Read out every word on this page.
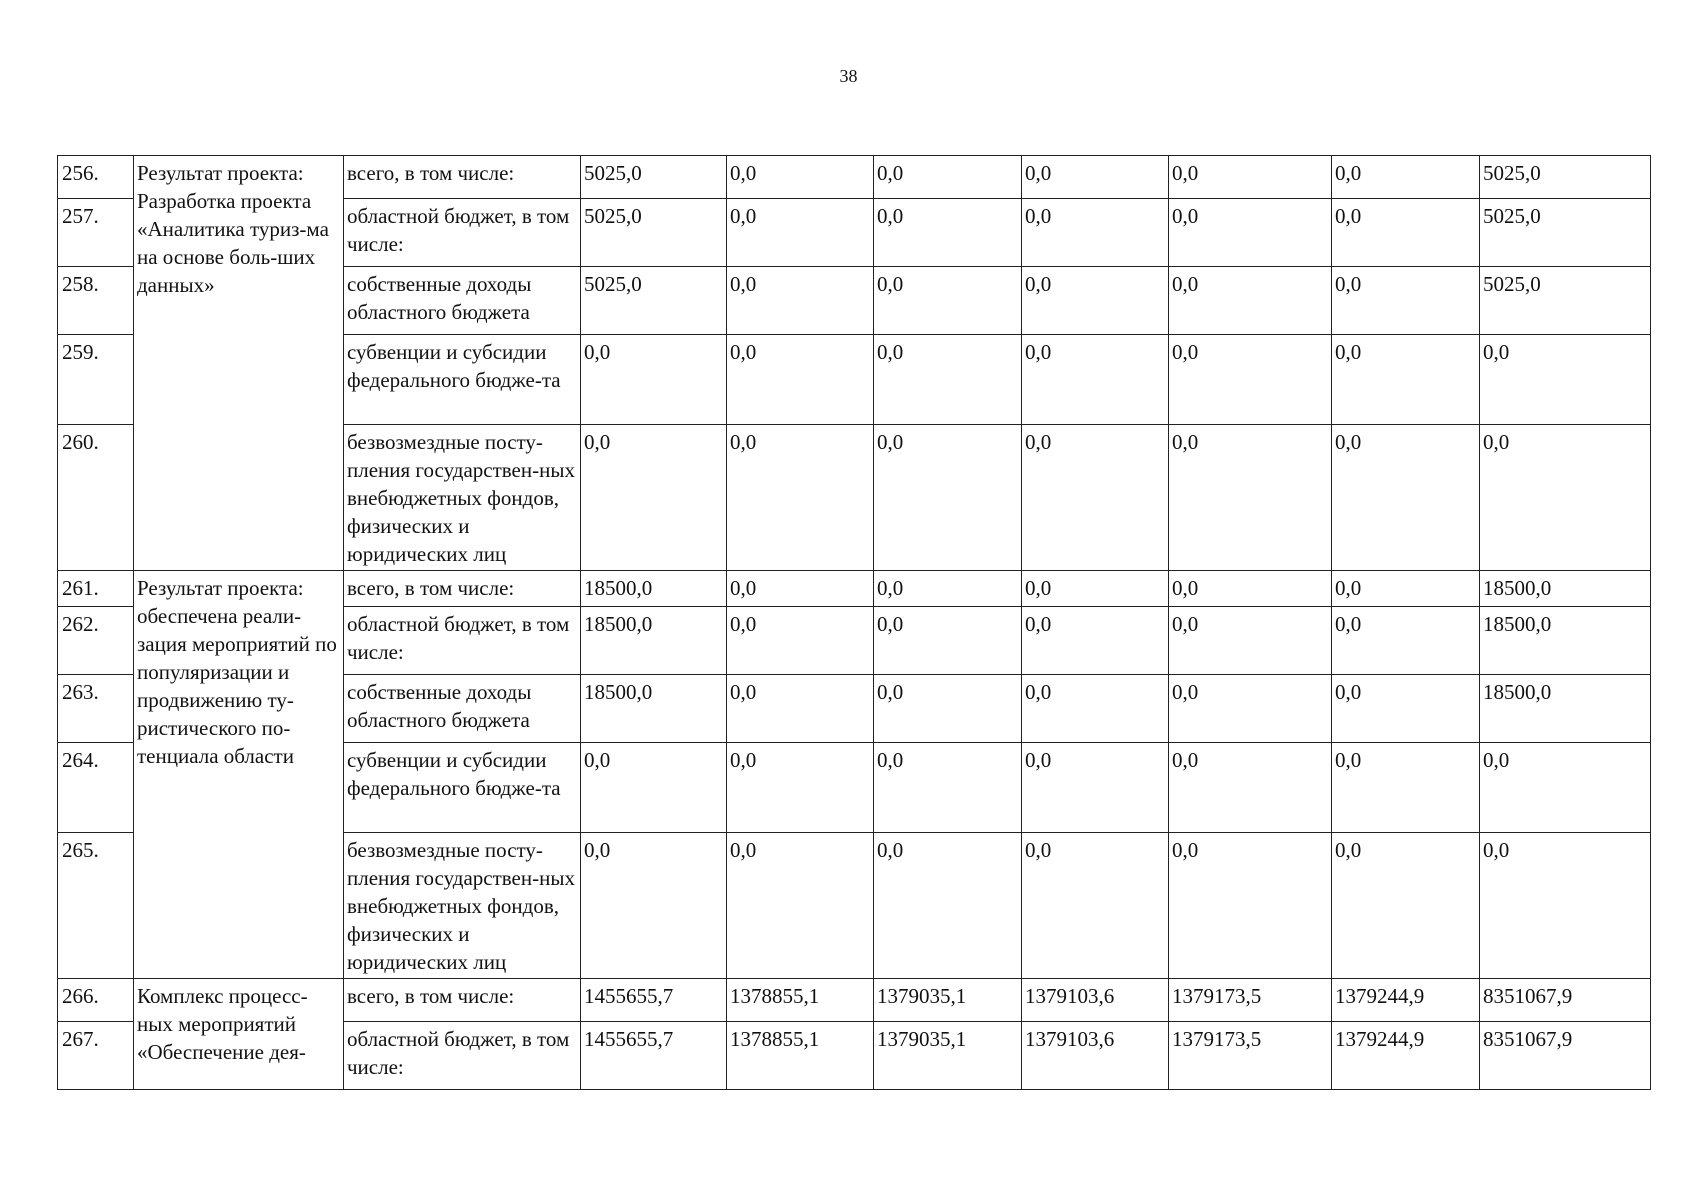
38
256.	Результат проекта: Разработка проекта «Аналитика туриз-ма на основе боль-ших данных»	всего, в том числе:	5025,0	0,0	0,0	0,0	0,0	0,0	5025,0
257.		областной бюджет, в том числе:	5025,0	0,0	0,0	0,0	0,0	0,0	5025,0
258.		собственные доходы областного бюджета	5025,0	0,0	0,0	0,0	0,0	0,0	5025,0
259.		субвенции и субсидии федерального бюдже-та	0,0	0,0	0,0	0,0	0,0	0,0	0,0
260.		безвозмездные посту-пления государствен-ных внебюджетных фондов, физических и юридических лиц	0,0	0,0	0,0	0,0	0,0	0,0	0,0
261.	Результат проекта: обеспечена реали-зация мероприятий по популяризации и продвижению ту-ристического по-тенциала области	всего, в том числе:	18500,0	0,0	0,0	0,0	0,0	0,0	18500,0
262.		областной бюджет, в том числе:	18500,0	0,0	0,0	0,0	0,0	0,0	18500,0
263.		собственные доходы областного бюджета	18500,0	0,0	0,0	0,0	0,0	0,0	18500,0
264.		субвенции и субсидии федерального бюдже-та	0,0	0,0	0,0	0,0	0,0	0,0	0,0
265.		безвозмездные посту-пления государствен-ных внебюджетных фондов, физических и юридических лиц	0,0	0,0	0,0	0,0	0,0	0,0	0,0
266.	Комплекс процесс-ных мероприятий «Обеспечение дея-	всего, в том числе:	1455655,7	1378855,1	1379035,1	1379103,6	1379173,5	1379244,9	8351067,9
267.		областной бюджет, в том числе:	1455655,7	1378855,1	1379035,1	1379103,6	1379173,5	1379244,9	8351067,9
